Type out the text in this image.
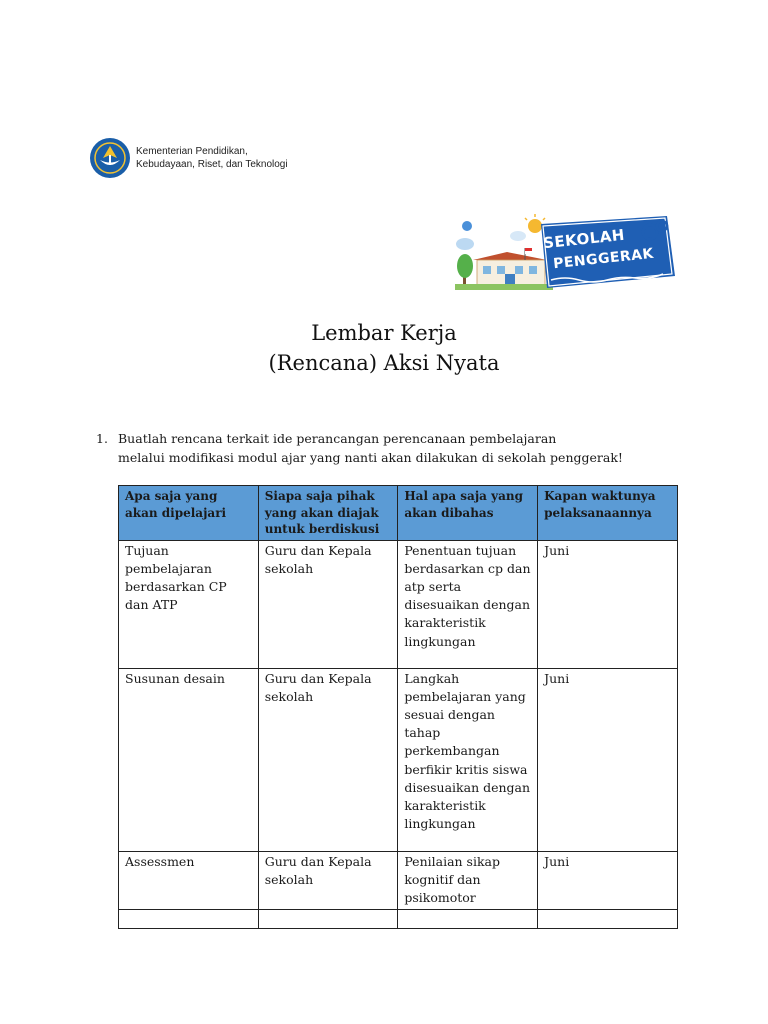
Kementerian Pendidikan,
Kebudayaan, Riset, dan Teknologi
SEKOLAH
PENGGERAK
Lembar Kerja
(Rencana) Aksi Nyata
1. Buatlah rencana terkait ide perancangan perencanaan pembelajaran
melalui modifikasi modul ajar yang nanti akan dilakukan di sekolah penggerak!
Apa saja yang akan dipelajari	Siapa saja pihak yang akan diajak untuk berdiskusi	Hal apa saja yang akan dibahas	Kapan waktunya pelaksanaannya
Tujuan pembelajaran berdasarkan CP dan ATP	Guru dan Kepala sekolah	Penentuan tujuan berdasarkan cp dan atp serta disesuaikan dengan karakteristik lingkungan	Juni
Susunan desain	Guru dan Kepala sekolah	Langkah pembelajaran yang sesuai dengan tahap perkembangan berfikir kritis siswa disesuaikan dengan karakteristik lingkungan	Juni
Assessmen	Guru dan Kepala sekolah	Penilaian sikap kognitif dan psikomotor	Juni
